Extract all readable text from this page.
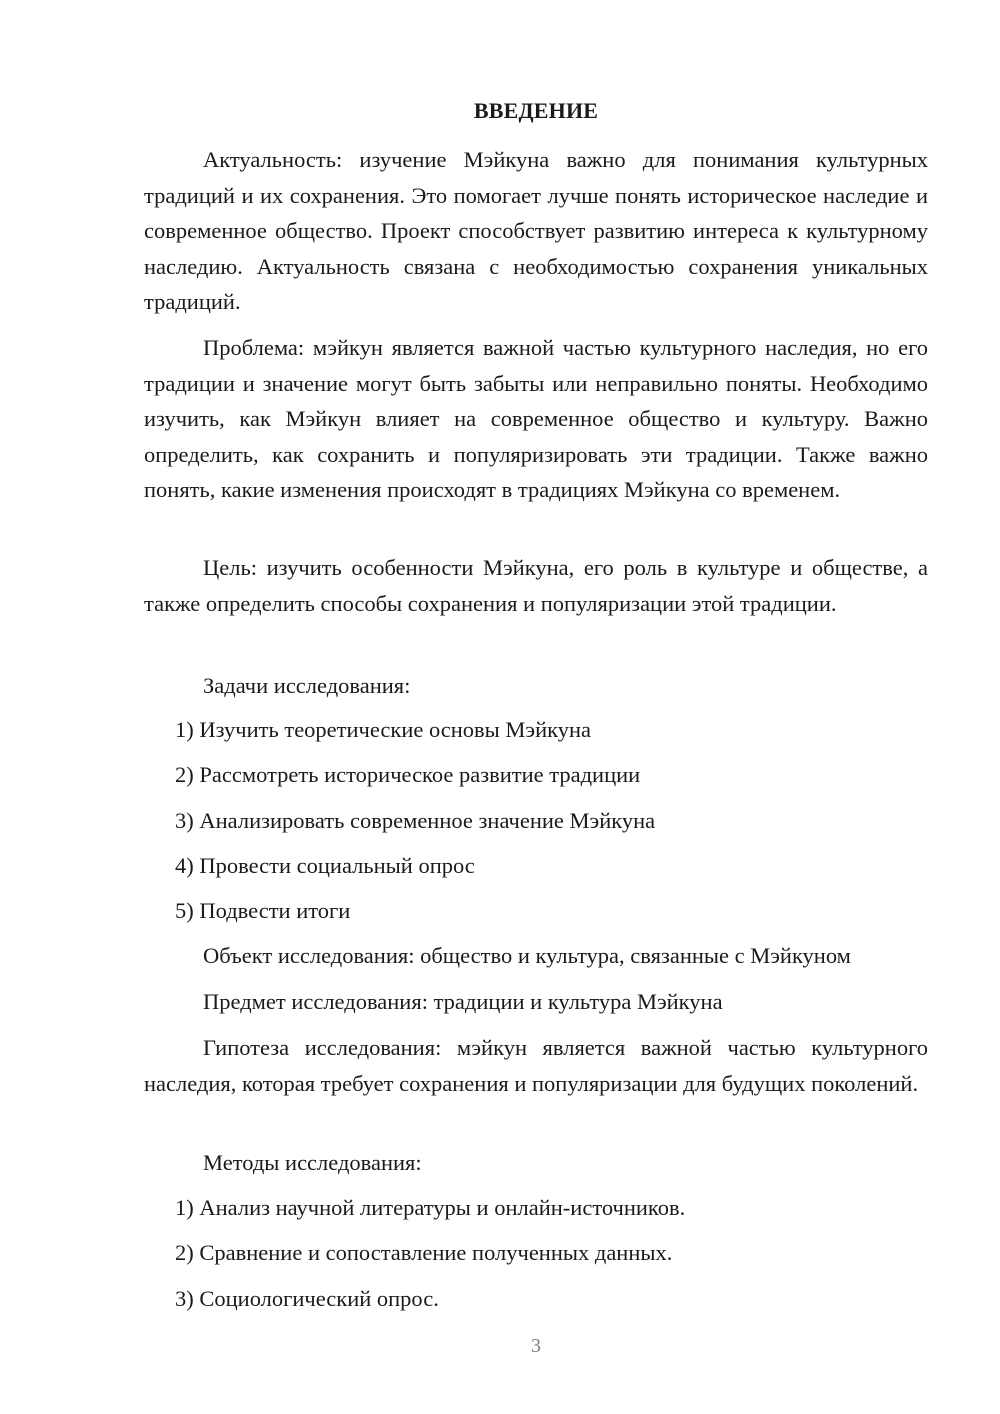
ВВЕДЕНИЕ

Актуальность: изучение Мэйкуна важно для понимания культурных традиций и их сохранения. Это помогает лучше понять историческое наследие и современное общество. Проект способствует развитию интереса к культурному наследию. Актуальность связана с необходимостью сохранения уникальных традиций.

Проблема: мэйкун является важной частью культурного наследия, но его традиции и значение могут быть забыты или неправильно поняты. Необходимо изучить, как Мэйкун влияет на современное общество и культуру. Важно определить, как сохранить и популяризировать эти традиции. Также важно понять, какие изменения происходят в традициях Мэйкуна со временем.

Цель: изучить особенности Мэйкуна, его роль в культуре и обществе, а также определить способы сохранения и популяризации этой традиции.

Задачи исследования:

1) Изучить теоретические основы Мэйкуна

2) Рассмотреть историческое развитие традиции

3) Анализировать современное значение Мэйкуна

4) Провести социальный опрос

5) Подвести итоги

Объект исследования: общество и культура, связанные с Мэйкуном

Предмет исследования: традиции и культура Мэйкуна

Гипотеза исследования: мэйкун является важной частью культурного наследия, которая требует сохранения и популяризации для будущих поколений.

Методы исследования:

1) Анализ научной литературы и онлайн-источников.

2) Сравнение и сопоставление полученных данных.

3) Социологический опрос.

3
